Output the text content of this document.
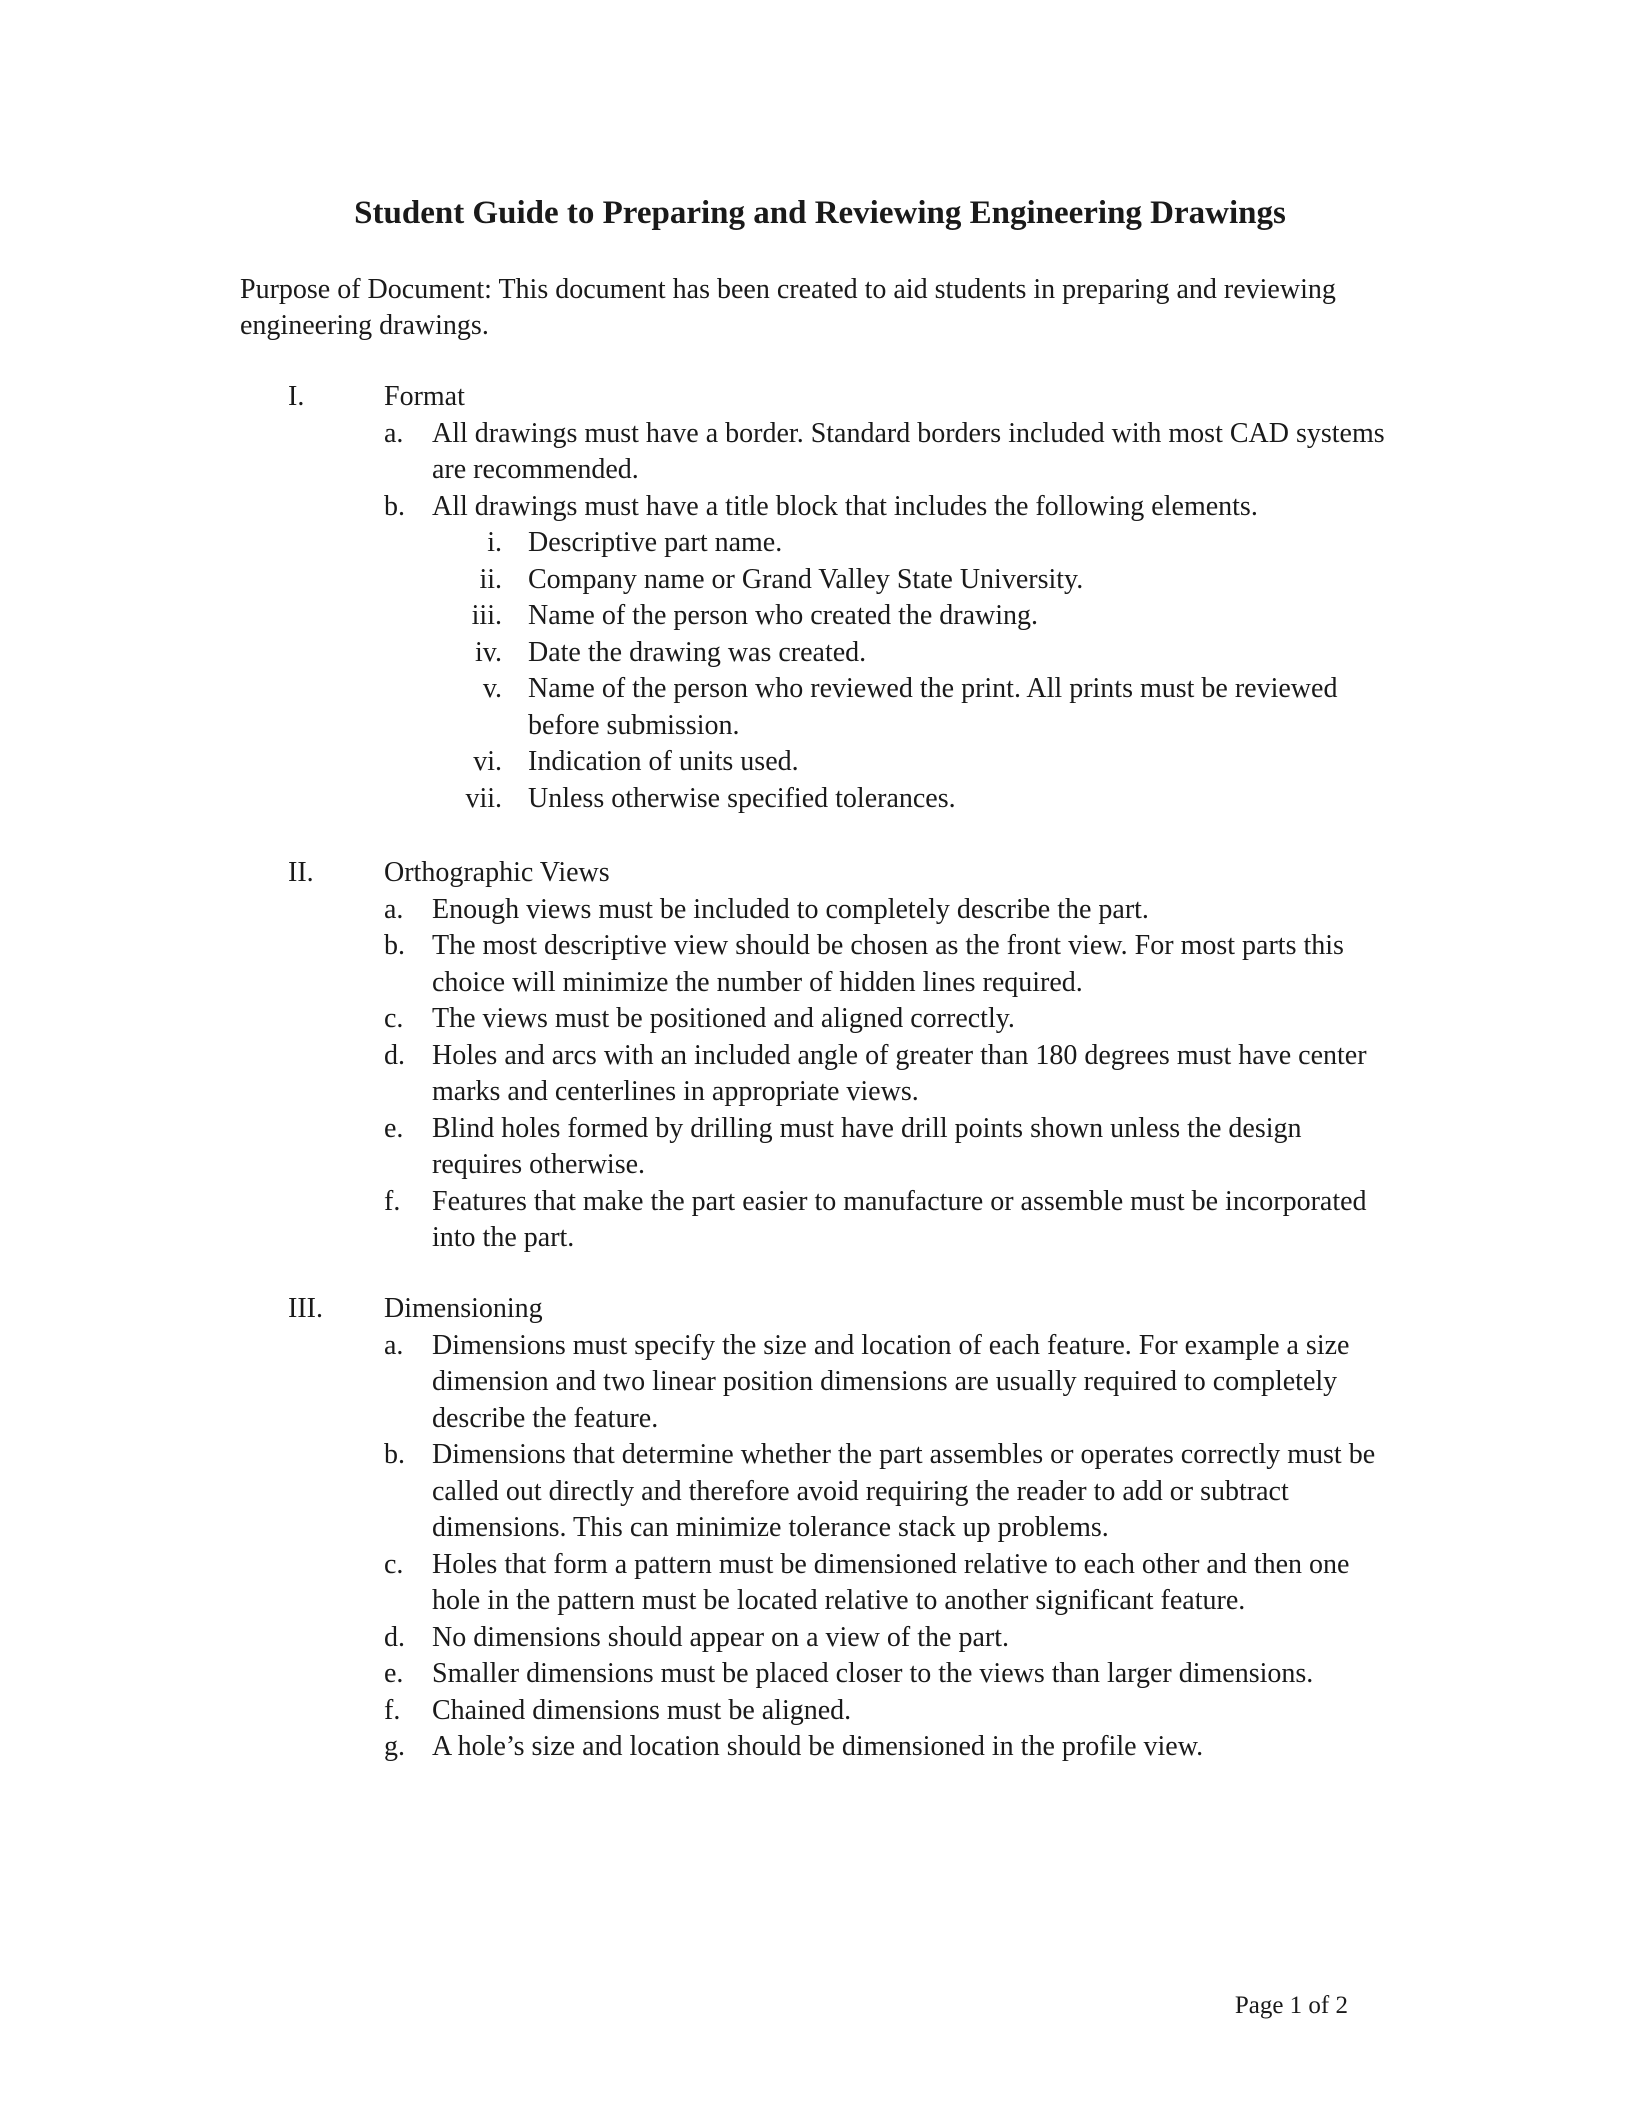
Student Guide to Preparing and Reviewing Engineering Drawings
Purpose of Document: This document has been created to aid students in preparing and reviewing engineering drawings.
I.	Format
a. All drawings must have a border. Standard borders included with most CAD systems are recommended.
b. All drawings must have a title block that includes the following elements.
i. Descriptive part name.
ii. Company name or Grand Valley State University.
iii. Name of the person who created the drawing.
iv. Date the drawing was created.
v. Name of the person who reviewed the print. All prints must be reviewed before submission.
vi. Indication of units used.
vii. Unless otherwise specified tolerances.
II.	Orthographic Views
a. Enough views must be included to completely describe the part.
b. The most descriptive view should be chosen as the front view. For most parts this choice will minimize the number of hidden lines required.
c. The views must be positioned and aligned correctly.
d. Holes and arcs with an included angle of greater than 180 degrees must have center marks and centerlines in appropriate views.
e. Blind holes formed by drilling must have drill points shown unless the design requires otherwise.
f. Features that make the part easier to manufacture or assemble must be incorporated into the part.
III. Dimensioning
a. Dimensions must specify the size and location of each feature. For example a size dimension and two linear position dimensions are usually required to completely describe the feature.
b. Dimensions that determine whether the part assembles or operates correctly must be called out directly and therefore avoid requiring the reader to add or subtract dimensions. This can minimize tolerance stack up problems.
c. Holes that form a pattern must be dimensioned relative to each other and then one hole in the pattern must be located relative to another significant feature.
d. No dimensions should appear on a view of the part.
e. Smaller dimensions must be placed closer to the views than larger dimensions.
f. Chained dimensions must be aligned.
g. A hole’s size and location should be dimensioned in the profile view.
Page 1 of 2
